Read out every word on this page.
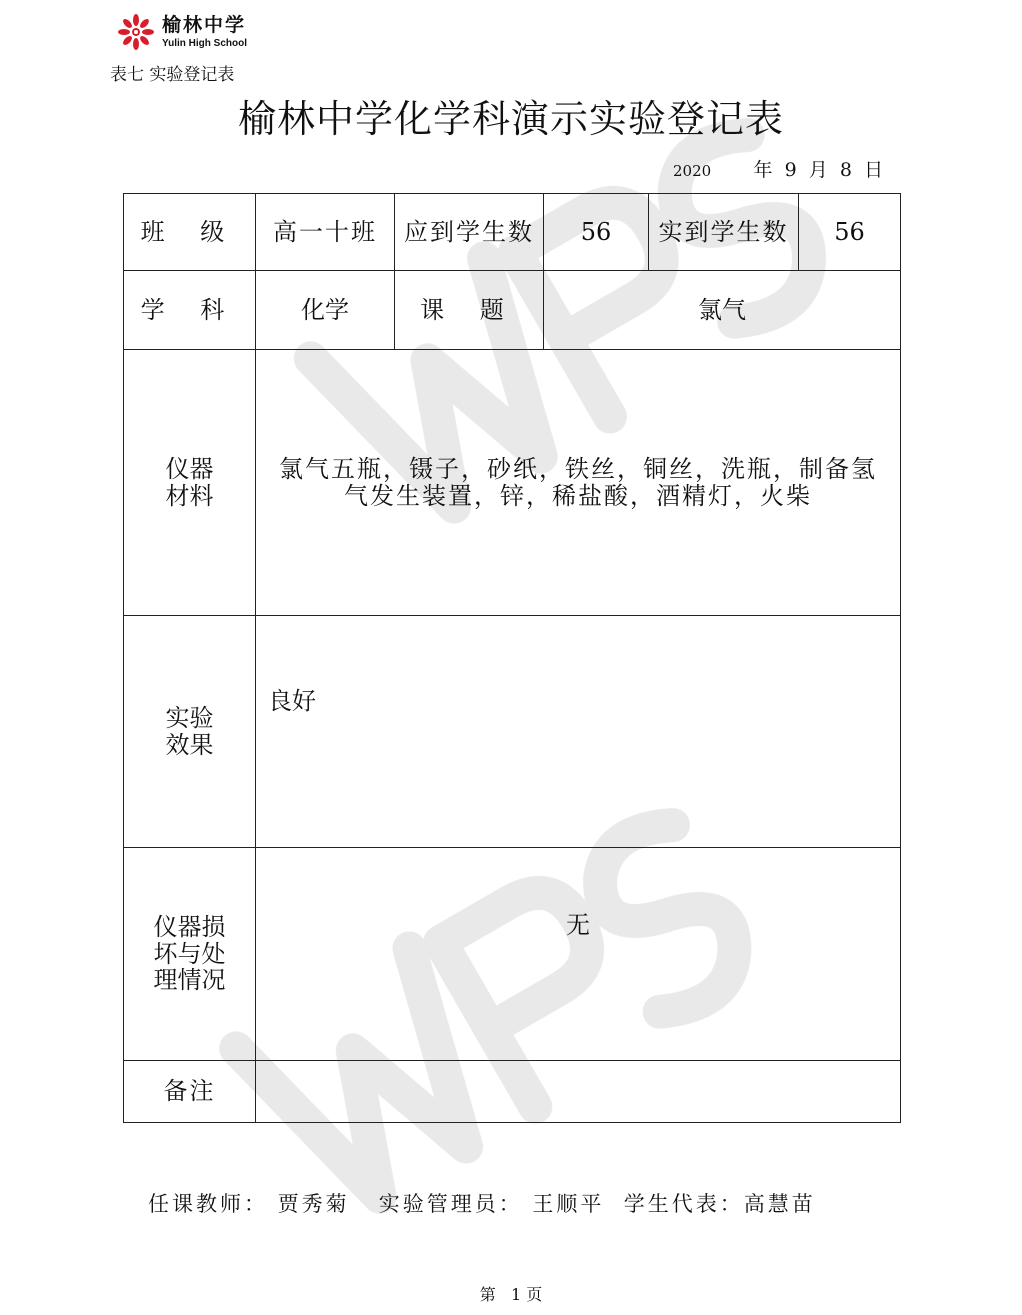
榆林中学
Yulin High School
表七 实验登记表
榆林中学化学科演示实验登记表
2020 年 9 月 8 日
班 级	高一十班	应到学生数	56	实到学生数	56
学 科	化学	课 题	氯气		
仪器
材料	氯气五瓶，镊子，砂纸，铁丝，铜丝，洗瓶，制备氢
气发生装置，锌，稀盐酸，酒精灯，火柴				
实验
效果	良好				
仪器损
坏与处
理情况	无				
备注					
任课教师： 贾秀菊 实验管理员： 王顺平 学生代表：高慧苗
第 1 页
